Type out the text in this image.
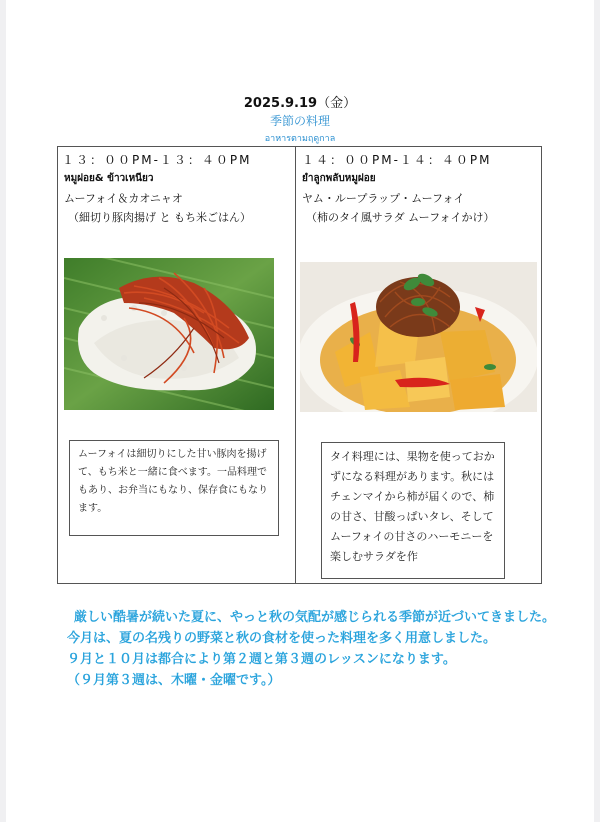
2025.9.19（金）
季節の料理
อาหารตามฤดูกาล
１３：００PM-１３：４０PM
หมูฝอย& ข้าวเหนียว
ムーフォイ＆カオニャオ
（細切り豚肉揚げ と もち米ごはん）
ムーフォイは細切りにした甘い豚肉を揚げて、もち米と一緒に食べます。一品料理でもあり、お弁当にもなり、保存食にもなります。
１４：００PM-１４：４０PM
ยำลูกพลับหมูฝอย
ヤム・ループラップ・ムーフォイ
（柿のタイ風サラダ ムーフォイかけ）
タイ料理には、果物を使っておかずになる料理があります。秋にはチェンマイから柿が届くので、柿の甘さ、甘酸っぱいタレ、そしてムーフォイの甘さのハーモニーを楽しむサラダを作

厳しい酷暑が続いた夏に、やっと秋の気配が感じられる季節が近づいてきました。

今月は、夏の名残りの野菜と秋の食材を使った料理を多く用意しました。

９月と１０月は都合により第２週と第３週のレッスンになります。

（９月第３週は、木曜・金曜です。）
